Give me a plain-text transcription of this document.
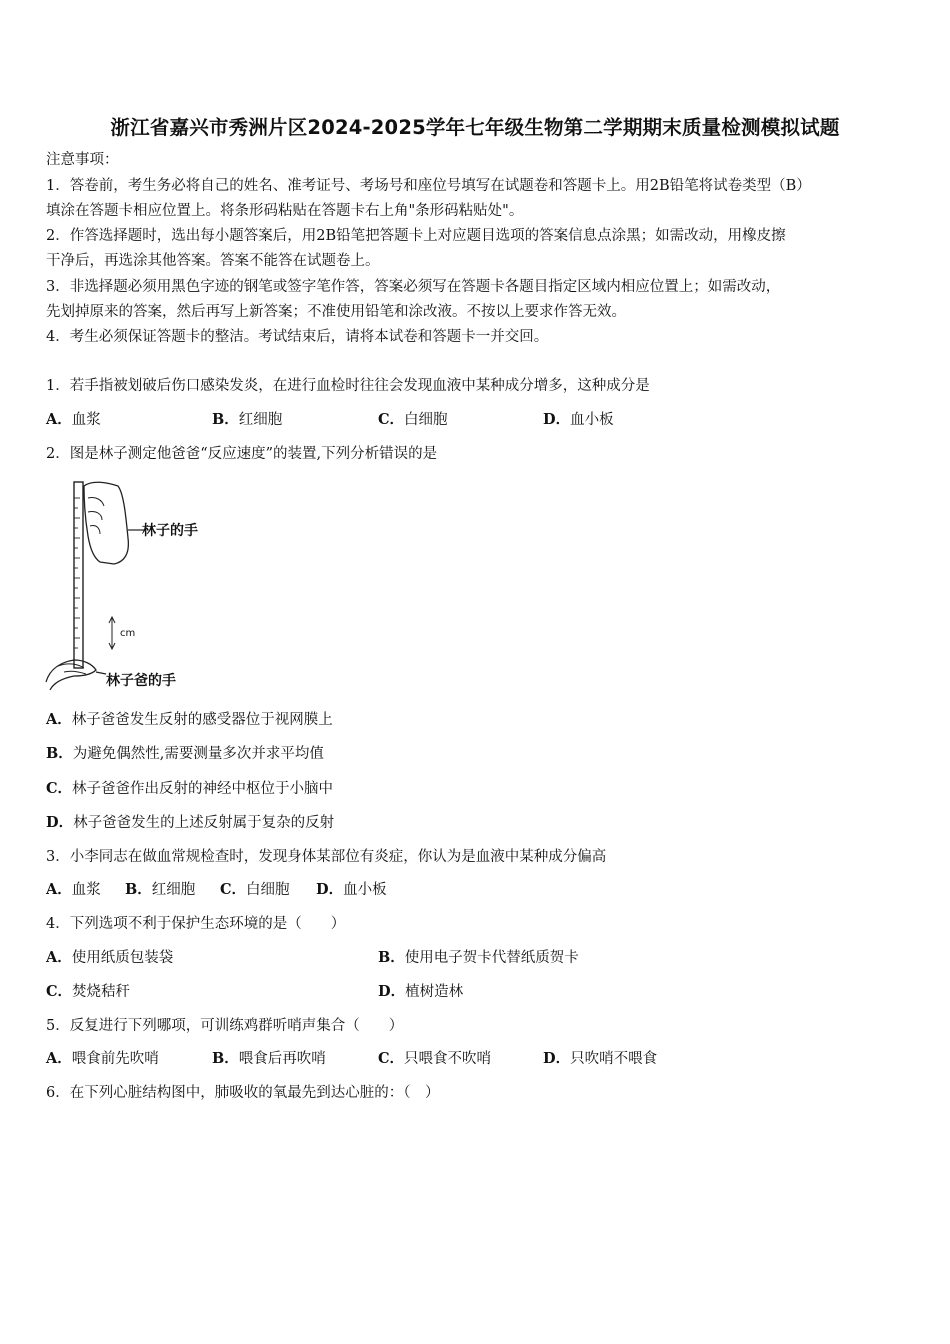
浙江省嘉兴市秀洲片区2024-2025学年七年级生物第二学期期末质量检测模拟试题
注意事项：
1．答卷前，考生务必将自己的姓名、准考证号、考场号和座位号填写在试题卷和答题卡上。用2B铅笔将试卷类型（B）
填涂在答题卡相应位置上。将条形码粘贴在答题卡右上角"条形码粘贴处"。
2．作答选择题时，选出每小题答案后，用2B铅笔把答题卡上对应题目选项的答案信息点涂黑；如需改动，用橡皮擦
干净后，再选涂其他答案。答案不能答在试题卷上。
3．非选择题必须用黑色字迹的钢笔或签字笔作答，答案必须写在答题卡各题目指定区域内相应位置上；如需改动，
先划掉原来的答案，然后再写上新答案；不准使用铅笔和涂改液。不按以上要求作答无效。
4．考生必须保证答题卡的整洁。考试结束后，请将本试卷和答题卡一并交回。
1．若手指被划破后伤口感染发炎，在进行血检时往往会发现血液中某种成分增多，这种成分是
A．血浆	B．红细胞	C．白细胞	D．血小板
2．图是林子测定他爸爸“反应速度”的装置,下列分析错误的是
林子的手
cm
林子爸的手
A．林子爸爸发生反射的感受器位于视网膜上
B．为避免偶然性,需要测量多次并求平均值
C．林子爸爸作出反射的神经中枢位于小脑中
D．林子爸爸发生的上述反射属于复杂的反射
3．小李同志在做血常规检查时，发现身体某部位有炎症，你认为是血液中某种成分偏高
A．血浆 B．红细胞 C．白细胞 D．血小板
4．下列选项不利于保护生态环境的是（　　）
A．使用纸质包装袋	B．使用电子贺卡代替纸质贺卡
C．焚烧秸秆	D．植树造林
5．反复进行下列哪项，可训练鸡群听哨声集合（　　）
A．喂食前先吹哨	B．喂食后再吹哨	C．只喂食不吹哨	D．只吹哨不喂食
6．在下列心脏结构图中，肺吸收的氧最先到达心脏的：（　）
